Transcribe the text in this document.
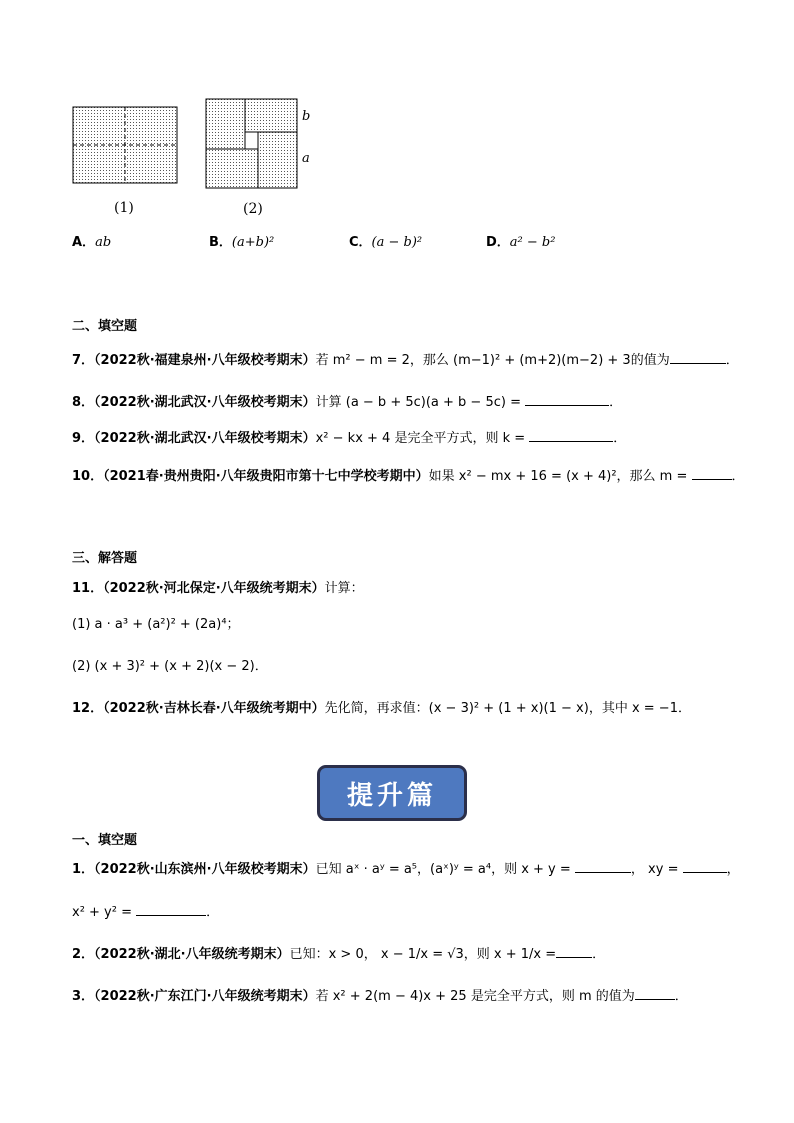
b
a
(1)	(2)
A．ab	B．(a+b)²	C．(a − b)²	D．a² − b²
二、填空题
7．（2022秋·福建泉州·八年级校考期末）若 m² − m = 2，那么 (m−1)² + (m+2)(m−2) + 3的值为	．
8．（2022秋·湖北武汉·八年级校考期末）计算 (a − b + 5c)(a + b − 5c) =	．
9．（2022秋·湖北武汉·八年级校考期末）x² − kx + 4 是完全平方式，则 k =	．
10．（2021春·贵州贵阳·八年级贵阳市第十七中学校考期中）如果 x² − mx + 16 = (x + 4)²，那么 m =	．
三、解答题
11．（2022秋·河北保定·八年级统考期末）计算：
(1) a · a³ + (a²)² + (2a)⁴；
(2) (x + 3)² + (x + 2)(x − 2)．
12．（2022秋·吉林长春·八年级统考期中）先化简，再求值：(x − 3)² + (1 + x)(1 − x)，其中 x = −1．
提升篇
一、填空题
1．（2022秋·山东滨州·八年级校考期末）已知 aˣ · aʸ = a⁵，(aˣ)ʸ = a⁴，则 x + y =	， xy =	，
x² + y² =	．
2．（2022秋·湖北·八年级统考期末）已知：x > 0， x − 1/x = √3，则 x + 1/x =	．
3．（2022秋·广东江门·八年级统考期末）若 x² + 2(m − 4)x + 25 是完全平方式，则 m 的值为	．
